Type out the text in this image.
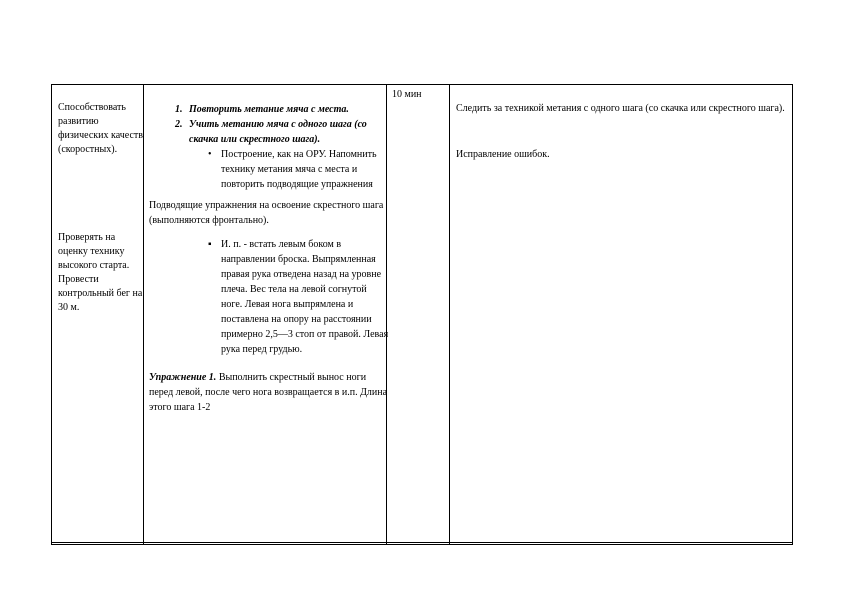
Способствовать развитию физических качеств (скоростных).

Проверять на оценку технику высокого старта.

Провести контрольный бег на 30 м.

1. Повторить метание мяча с места.
2. Учить метанию мяча с одного шага (со скачка или скрестного шага).
• Построение, как на ОРУ. Напомнить технику метания мяча с места и повторить подводящие упражнения

Подводящие упражнения на освоение скрестного шага (выполняются фронтально).

▪ И. п. - встать левым боком в направлении броска. Выпрямленная правая рука отведена назад на уровне плеча. Вес тела на левой согнутой ноге. Левая нога выпрямлена и поставлена на опору на расстоянии примерно 2,5—3 стоп от правой. Левая рука перед грудью.

Упражнение 1. Выполнить скрестный вынос ноги перед левой, после чего нога возвращается в и.п. Длина этого шага 1-2

10 мин

Следить за техникой метания с одного шага (со скачка или скрестного шага).

Исправление ошибок.
